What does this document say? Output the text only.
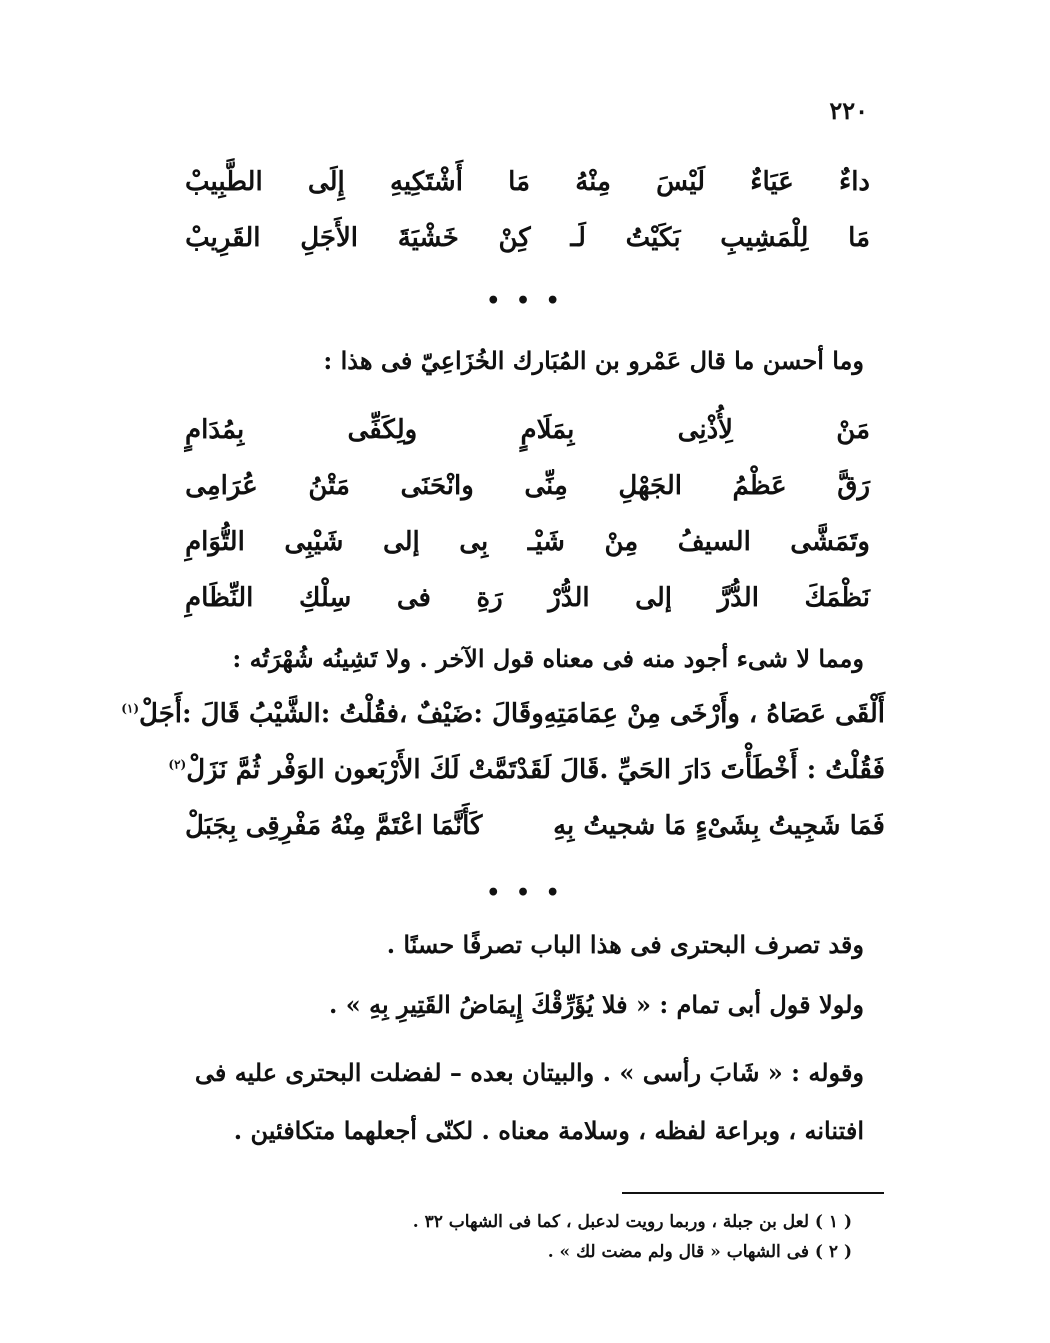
٢٢٠
داءٌ
عَيَاءٌ
لَيْسَ
مِنْهُ
مَا
أَشْتَكِيهِ
إِلَى
الطَّبِيبْ
مَا
لِلْمَشِيبِ
بَكَيْتُ
لَـ
كِنْ
خَشْيَةَ
الأَجَلِ
القَرِيبْ
• • •
وما أحسن ما قال عَمْرو بن المُبَارك الخُزَاعِيّ فى هذا :
مَنْ
لِأُذْنِى
بِمَلَامٍ
ولِكَفِّى
بِمُدَامٍ
رَقَّ
عَظْمُ
الجَهْلِ
مِنِّى
وانْحَنَى
مَتْنُ
عُرَامِى
وتَمَشَّى
السيفُ
مِنْ
شَيْـ
بِى
إلى
شَيْبِى
التُّوَامِ
نَظْمَكَ
الدُّرَّ
إلى
الدُّرْ
رَةِ
فى
سِلْكِ
النِّظَامِ
ومما لا شىء أجود منه فى معناه قول الآخر . ولا تَشِينُه شُهْرَتُه :
أَلْقَى عَصَاهُ ، وأَرْخَى مِنْ عِمَامَتِهِ
وقَالَ :ضَيْفٌ ،فقُلْتُ :الشَّيْبُ قَالَ :أَجَلْ$^{(١)}$
فَقُلْتُ : أَخْطَأْتَ دَارَ الحَيِّ .قَالَ لَقَدْ
تَمَّتْ لَكَ الأَرْبَعون الوَفْر ثُمَّ نَزَلْ$^{(٢)}$
فَمَا شَجِيتُ بِشَىْءٍ مَا شجيتُ بِهِ
كَأَنَّمَا اعْتَمَّ مِنْهُ مَفْرِقِى بِجَبَلْ
• • •
وقد تصرف البحترى فى هذا الباب تصرفًا حسنًا .
ولولا قول أبى تمام : « فلا يُؤَرِّقْكَ إِيمَاضُ القَتِيرِ بِهِ » .
وقوله : « شَابَ رأسى » . والبيتان بعده – لفضلت البحترى عليه فى
افتنانه ، وبراعة لفظه ، وسلامة معناه . لكنّى أجعلهما متكافئين .
( ١ ) لعل بن جبلة ، وربما رويت لدعبل ، كما فى الشهاب ٣٢ .
( ٢ ) فى الشهاب « قال ولم مضت لك » .
